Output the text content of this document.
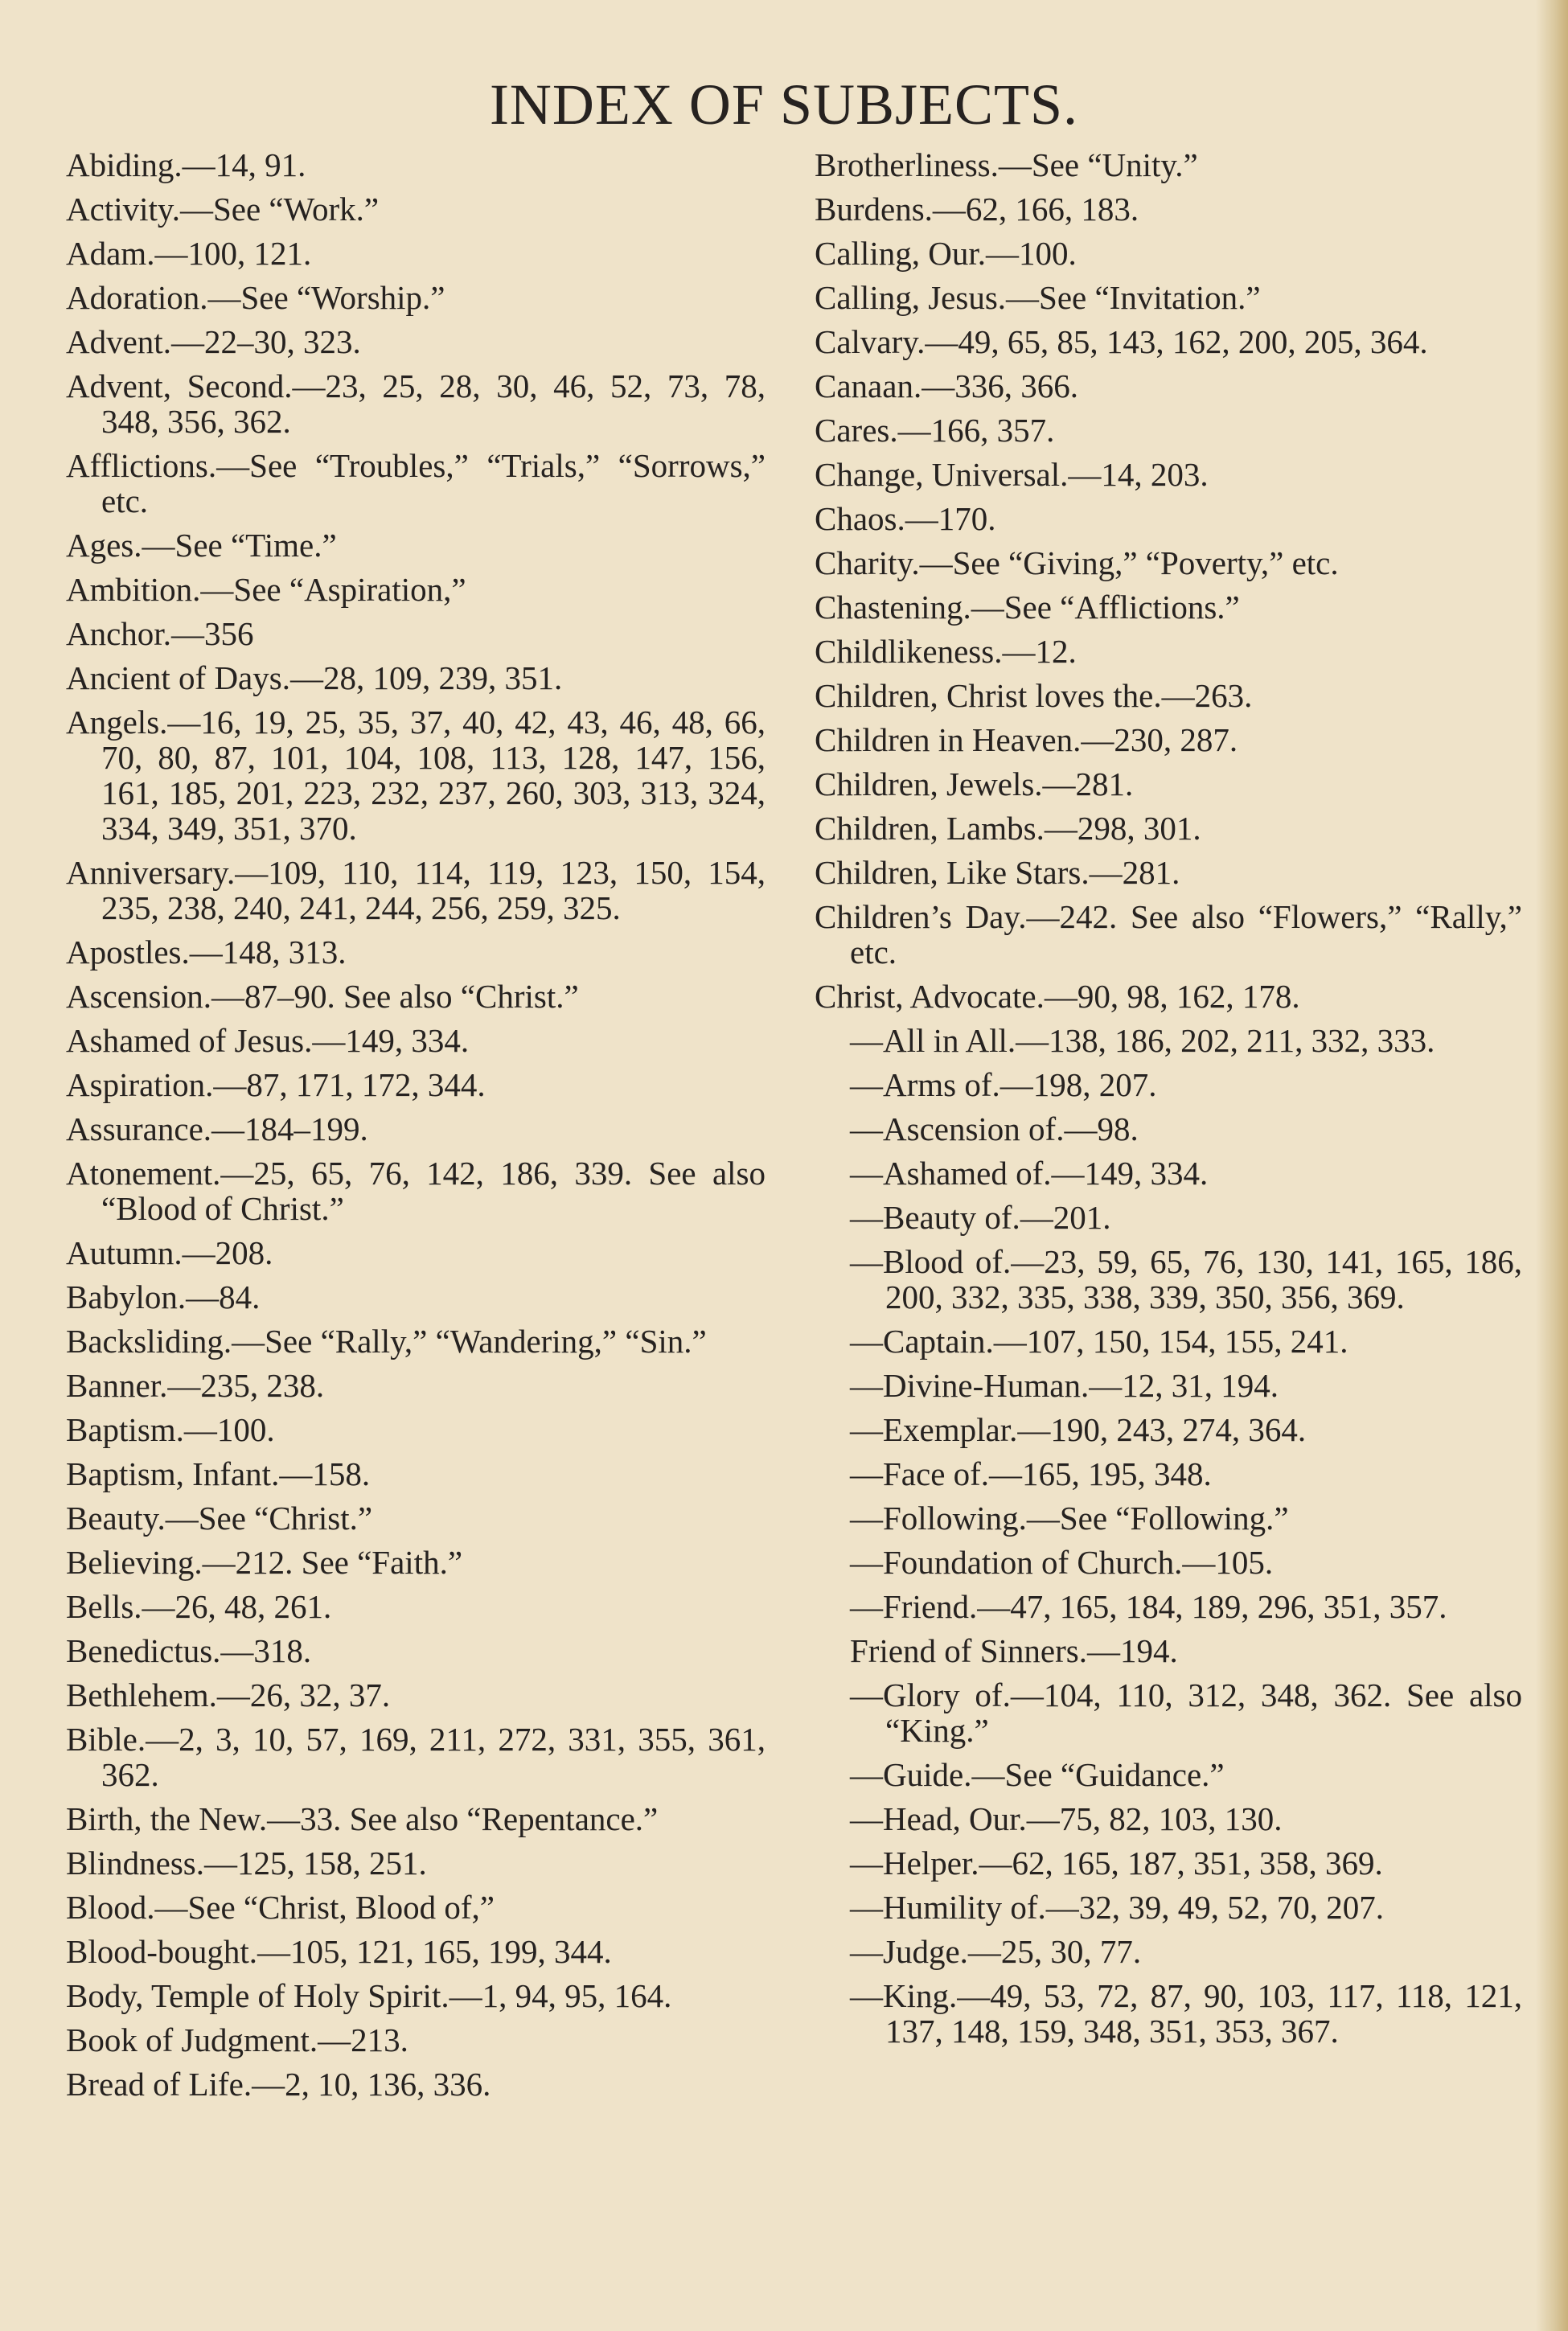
INDEX OF SUBJECTS.

Abiding.—14, 91.

Activity.—See “Work.”

Adam.—100, 121.

Adoration.—See “Worship.”

Advent.—22–30, 323.

Advent, Second.—23, 25, 28, 30, 46, 52, 73, 78, 348, 356, 362.

Afflictions.—See “Troubles,” “Trials,” “Sorrows,” etc.

Ages.—See “Time.”

Ambition.—See “Aspiration,”

Anchor.—356

Ancient of Days.—28, 109, 239, 351.

Angels.—16, 19, 25, 35, 37, 40, 42, 43, 46, 48, 66, 70, 80, 87, 101, 104, 108, 113, 128, 147, 156, 161, 185, 201, 223, 232, 237, 260, 303, 313, 324, 334, 349, 351, 370.

Anniversary.—109, 110, 114, 119, 123, 150, 154, 235, 238, 240, 241, 244, 256, 259, 325.

Apostles.—148, 313.

Ascension.—87–90. See also “Christ.”

Ashamed of Jesus.—149, 334.

Aspiration.—87, 171, 172, 344.

Assurance.—184–199.

Atonement.—25, 65, 76, 142, 186, 339. See also “Blood of Christ.”

Autumn.—208.

Babylon.—84.

Backsliding.—See “Rally,” “Wandering,” “Sin.”

Banner.—235, 238.

Baptism.—100.

Baptism, Infant.—158.

Beauty.—See “Christ.”

Believing.—212. See “Faith.”

Bells.—26, 48, 261.

Benedictus.—318.

Bethlehem.—26, 32, 37.

Bible.—2, 3, 10, 57, 169, 211, 272, 331, 355, 361, 362.

Birth, the New.—33. See also “Repentance.”

Blindness.—125, 158, 251.

Blood.—See “Christ, Blood of,”

Blood-bought.—105, 121, 165, 199, 344.

Body, Temple of Holy Spirit.—1, 94, 95, 164.

Book of Judgment.—213.

Bread of Life.—2, 10, 136, 336.

Brotherliness.—See “Unity.”

Burdens.—62, 166, 183.

Calling, Our.—100.

Calling, Jesus.—See “Invitation.”

Calvary.—49, 65, 85, 143, 162, 200, 205, 364.

Canaan.—336, 366.

Cares.—166, 357.

Change, Universal.—14, 203.

Chaos.—170.

Charity.—See “Giving,” “Poverty,” etc.

Chastening.—See “Afflictions.”

Childlikeness.—12.

Children, Christ loves the.—263.

Children in Heaven.—230, 287.

Children, Jewels.—281.

Children, Lambs.—298, 301.

Children, Like Stars.—281.

Children’s Day.—242. See also “Flowers,” “Rally,” etc.

Christ, Advocate.—90, 98, 162, 178.

—All in All.—138, 186, 202, 211, 332, 333.

—Arms of.—198, 207.

—Ascension of.—98.

—Ashamed of.—149, 334.

—Beauty of.—201.

—Blood of.—23, 59, 65, 76, 130, 141, 165, 186, 200, 332, 335, 338, 339, 350, 356, 369.

—Captain.—107, 150, 154, 155, 241.

—Divine-Human.—12, 31, 194.

—Exemplar.—190, 243, 274, 364.

—Face of.—165, 195, 348.

—Following.—See “Following.”

—Foundation of Church.—105.

—Friend.—47, 165, 184, 189, 296, 351, 357.

Friend of Sinners.—194.

—Glory of.—104, 110, 312, 348, 362. See also “King.”

—Guide.—See “Guidance.”

—Head, Our.—75, 82, 103, 130.

—Helper.—62, 165, 187, 351, 358, 369.

—Humility of.—32, 39, 49, 52, 70, 207.

—Judge.—25, 30, 77.

—King.—49, 53, 72, 87, 90, 103, 117, 118, 121, 137, 148, 159, 348, 351, 353, 367.
